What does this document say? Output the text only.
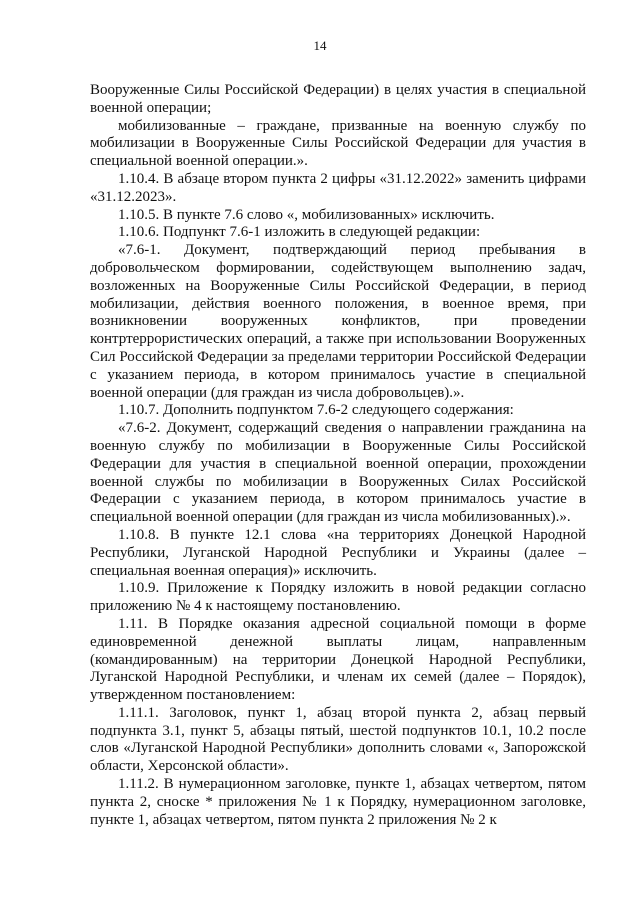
14

Вооруженные Силы Российской Федерации) в целях участия в специальной военной операции;

мобилизованные – граждане, призванные на военную службу по мобилизации в Вооруженные Силы Российской Федерации для участия в специальной военной операции.».

1.10.4. В абзаце втором пункта 2 цифры «31.12.2022» заменить цифрами «31.12.2023».

1.10.5. В пункте 7.6 слово «, мобилизованных» исключить.

1.10.6. Подпункт 7.6-1 изложить в следующей редакции:

«7.6-1. Документ, подтверждающий период пребывания в добровольческом формировании, содействующем выполнению задач, возложенных на Вооруженные Силы Российской Федерации, в период мобилизации, действия военного положения, в военное время, при возникновении вооруженных конфликтов, при проведении контртеррористических операций, а также при использовании Вооруженных Сил Российской Федерации за пределами территории Российской Федерации с указанием периода, в котором принималось участие в специальной военной операции (для граждан из числа добровольцев).».

1.10.7. Дополнить подпунктом 7.6-2 следующего содержания:

«7.6-2. Документ, содержащий сведения о направлении гражданина на военную службу по мобилизации в Вооруженные Силы Российской Федерации для участия в специальной военной операции, прохождении военной службы по мобилизации в Вооруженных Силах Российской Федерации с указанием периода, в котором принималось участие в специальной военной операции (для граждан из числа мобилизованных).».

1.10.8. В пункте 12.1 слова «на территориях Донецкой Народной Республики, Луганской Народной Республики и Украины (далее – специальная военная операция)» исключить.

1.10.9. Приложение к Порядку изложить в новой редакции согласно приложению № 4 к настоящему постановлению.

1.11. В Порядке оказания адресной социальной помощи в форме единовременной денежной выплаты лицам, направленным (командированным) на территории Донецкой Народной Республики, Луганской Народной Республики, и членам их семей (далее – Порядок), утвержденном постановлением:

1.11.1. Заголовок, пункт 1, абзац второй пункта 2, абзац первый подпункта 3.1, пункт 5, абзацы пятый, шестой подпунктов 10.1, 10.2 после слов «Луганской Народной Республики» дополнить словами «, Запорожской области, Херсонской области».

1.11.2. В нумерационном заголовке, пункте 1, абзацах четвертом, пятом пункта 2, сноске * приложения № 1 к Порядку, нумерационном заголовке, пункте 1, абзацах четвертом, пятом пункта 2 приложения № 2 к
